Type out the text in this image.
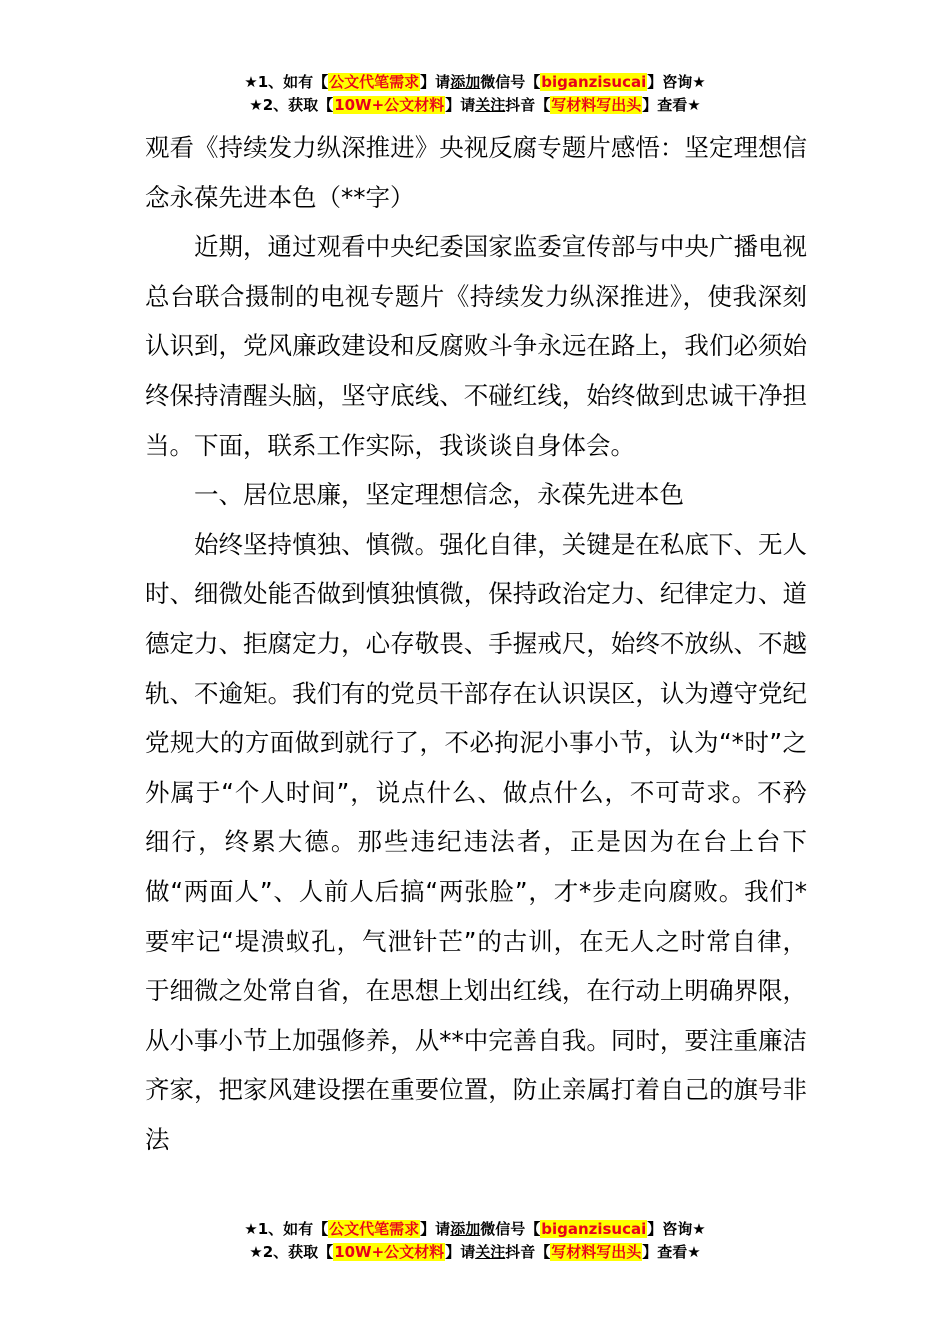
★1、如有【公文代笔需求】请添加微信号【biganzisucai】咨询★
★2、获取【10W+公文材料】请关注抖音【写材料写出头】查看★

观看《持续发力纵深推进》央视反腐专题片感悟：坚定理想信念永葆先进本色（**字）

近期，通过观看中央纪委国家监委宣传部与中央广播电视总台联合摄制的电视专题片《持续发力纵深推进》，使我深刻认识到，党风廉政建设和反腐败斗争永远在路上，我们必须始终保持清醒头脑，坚守底线、不碰红线，始终做到忠诚干净担当。下面，联系工作实际，我谈谈自身体会。

一、居位思廉，坚定理想信念，永葆先进本色

始终坚持慎独、慎微。强化自律，关键是在私底下、无人时、细微处能否做到慎独慎微，保持政治定力、纪律定力、道德定力、拒腐定力，心存敬畏、手握戒尺，始终不放纵、不越轨、不逾矩。我们有的党员干部存在认识误区，认为遵守党纪党规大的方面做到就行了，不必拘泥小事小节，认为“*时”之外属于“个人时间”，说点什么、做点什么，不可苛求。不矜细行，终累大德。那些违纪违法者，正是因为在台上台下做“两面人”、人前人后搞“两张脸”，才*步走向腐败。我们*要牢记“堤溃蚁孔，气泄针芒”的古训，在无人之时常自律，于细微之处常自省，在思想上划出红线，在行动上明确界限，从小事小节上加强修养，从**中完善自我。同时，要注重廉洁齐家，把家风建设摆在重要位置，防止亲属打着自己的旗号非法

★1、如有【公文代笔需求】请添加微信号【biganzisucai】咨询★
★2、获取【10W+公文材料】请关注抖音【写材料写出头】查看★
